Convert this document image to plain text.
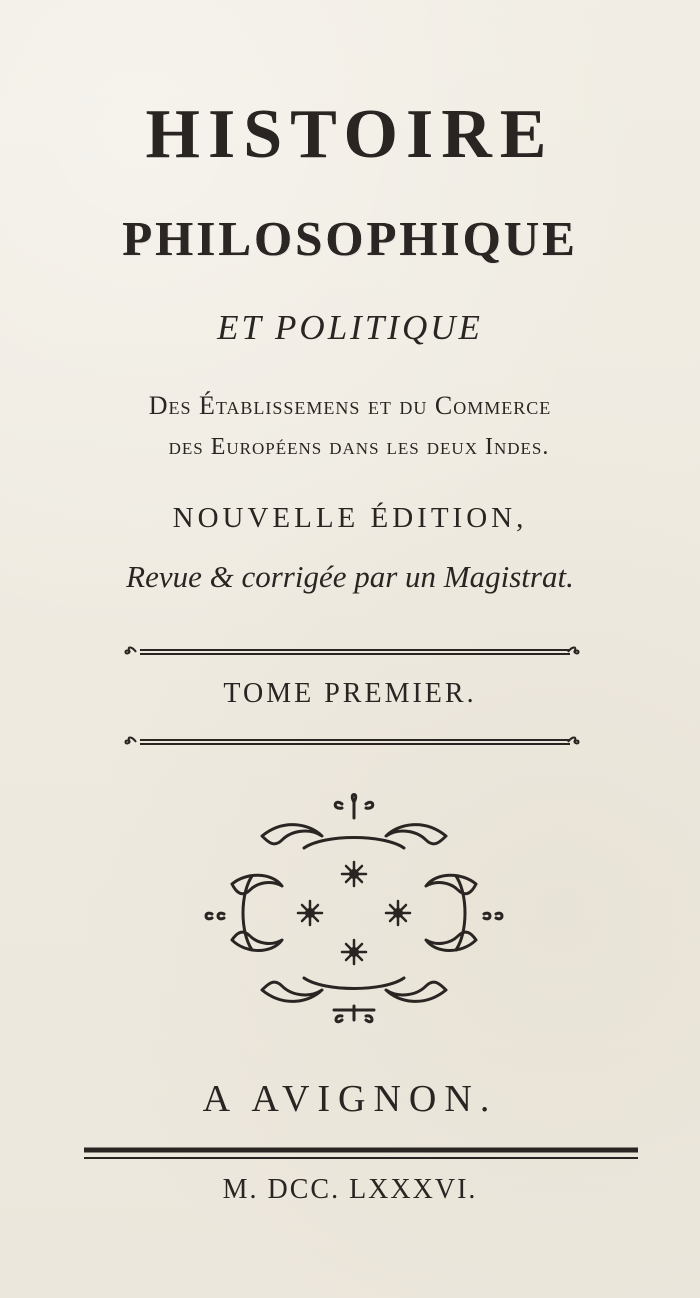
HISTOIRE
PHILOSOPHIQUE
ET POLITIQUE
Des Établissemens et du Commerce
des Européens dans les deux Indes.
NOUVELLE ÉDITION,
Revue & corrigée par un Magistrat.
TOME PREMIER.
A AVIGNON.
M. DCC. LXXXVI.
